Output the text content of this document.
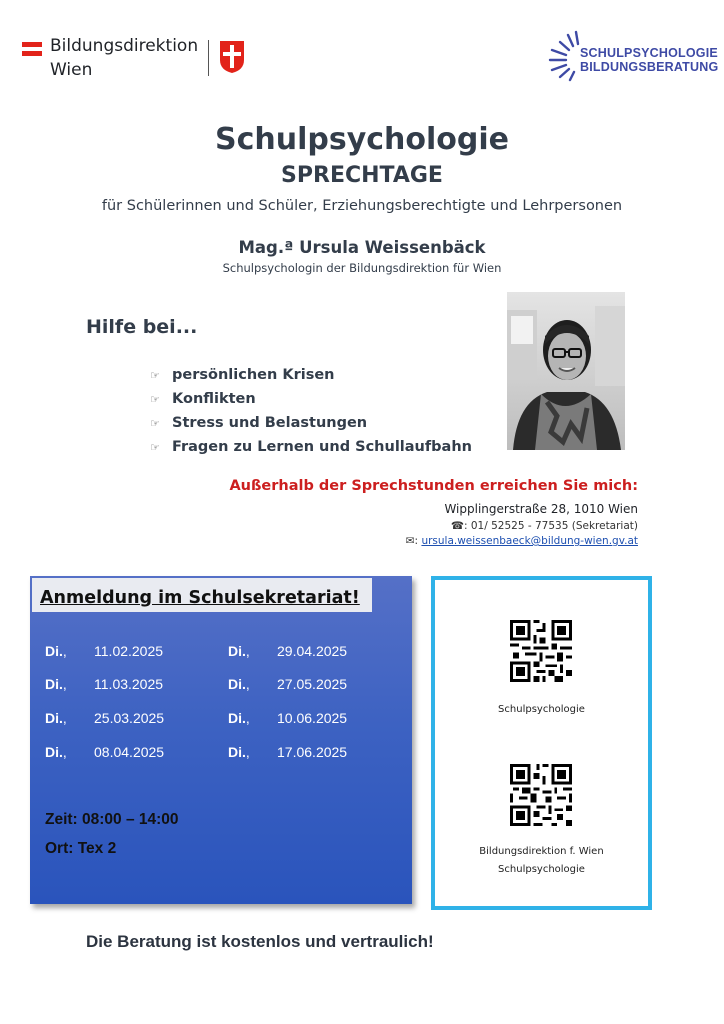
Bildungsdirektion
Wien
SCHULPSYCHOLOGIE
BILDUNGSBERATUNG
Schulpsychologie
SPRECHTAGE
für Schülerinnen und Schüler, Erziehungsberechtigte und Lehrpersonen
Mag.ª Ursula Weissenbäck
Schulpsychologin der Bildungsdirektion für Wien
Hilfe bei...
☞ persönlichen Krisen
☞ Konflikten
☞ Stress und Belastungen
☞ Fragen zu Lernen und Schullaufbahn
Außerhalb der Sprechstunden erreichen Sie mich:
Wipplingerstraße 28, 1010 Wien
☎: 01/ 52525 - 77535 (Sekretariat)
✉: ursula.weissenbaeck@bildung-wien.gv.at
Anmeldung im Schulsekretariat!
Di.,       11.02.2025
Di.,       11.03.2025
Di.,       25.03.2025
Di.,       08.04.2025
Di.,       29.04.2025
Di.,       27.05.2025
Di.,       10.06.2025
Di.,       17.06.2025
Zeit: 08:00 – 14:00
Ort: Tex 2
Schulpsychologie
Bildungsdirektion f. Wien
Schulpsychologie
Die Beratung ist kostenlos und vertraulich!
